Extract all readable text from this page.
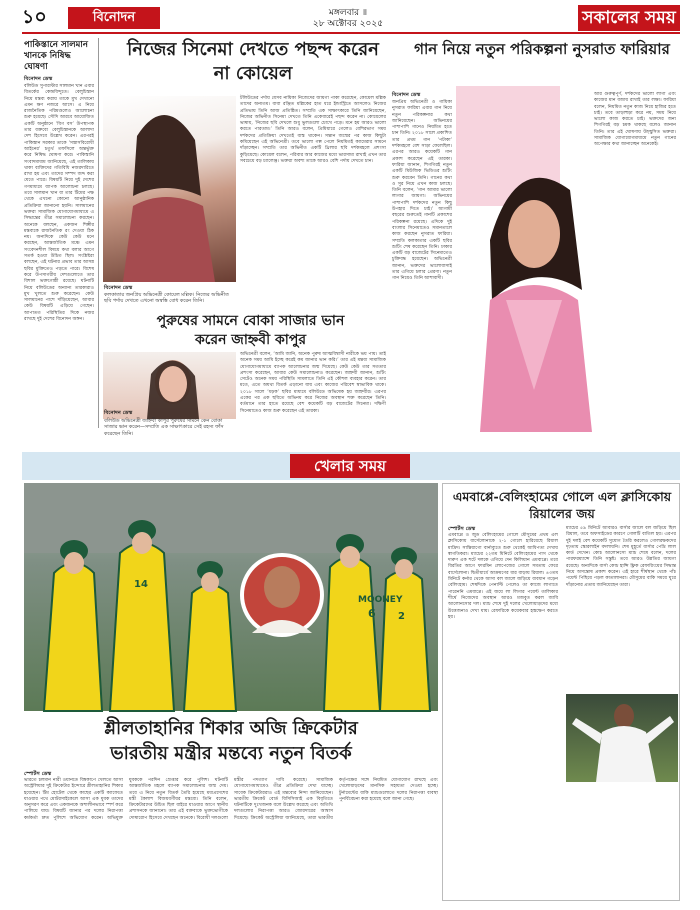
১০	বিনোদন	মঙ্গলবার ॥
২৮ অক্টোবর ২০২৫	সকালের সময়
পাকিস্তানে সালমান খানকে নিষিদ্ধ ঘোষণা
বিনোদন ডেস্ক
বলিউড সুপারস্টার সালমান খান এবার বিতর্কের কেন্দ্রবিন্দুতে। বেলুচিস্তান নিয়ে মন্তব্য করায় তাকে মুখ দেখানো এমন ক্ষণ নজরে আসে। এ নিয়ে রাজনৈতিক পরিমণ্ডলেও আলোচনা শুরু হয়েছে। সৌদি আরবে আয়োজিত একটি অনুষ্ঠানে ‘বিগ বস’ উপস্থাপক তার বক্তব্যে বেলুচিস্তানকে আলাদা দেশ হিসেবে উল্লেখ করেন। এরপরই পাকিস্তান সরকার তাকে ‘সন্ত্রাসবিরোধী আইনের’ চতুর্থ তফসিলে অন্তর্ভুক্ত করে নিষিদ্ধ ঘোষণা করে। পাকিস্তানি সংবাদমাধ্যম জানিয়েছে, এই তালিকায় থাকা ব্যক্তিদের গতিবিধি নজরদারিতে রাখা হয় এবং তাদের সম্পদ জব্দ করা যেতে পারে। বিষয়টি নিয়ে দুই দেশের গণমাধ্যমে ব্যাপক আলোচনা চলছে। তবে সালমান খান বা তার টিমের পক্ষ থেকে এখনো কোনো আনুষ্ঠানিক প্রতিক্রিয়া জানানো হয়নি। সালমানের ভক্তরা সামাজিক যোগাযোগমাধ্যমে এ সিদ্ধান্তের তীব্র সমালোচনা করছেন। অনেকে বলছেন, একজন শিল্পীর মন্তব্যকে রাজনৈতিক রং দেওয়া ঠিক নয়। অন্যদিকে কেউ কেউ মনে করছেন, আন্তর্জাতিক মঞ্চে এমন সংবেদনশীল বিষয়ে কথা বলার আগে সতর্ক হওয়া উচিত ছিল। সংশ্লিষ্টরা বলছেন, এই ঘটনার প্রভাব তার আসন্ন ছবির মুক্তিতেও পড়তে পারে। বিশেষ করে উপসাগরীয় দেশগুলোতে তার বিশাল ভক্তগোষ্ঠী রয়েছে। ঘটনাটি নিয়ে বলিউডের অন্যান্য তারকারাও মুখ খুলতে শুরু করেছেন। কেউ সালমানের পাশে দাঁড়িয়েছেন, আবার কেউ বিষয়টি এড়িয়ে গেছেন। আপাতত পরিস্থিতির দিকে নজর রাখছে দুই দেশের বিনোদন অঙ্গন।
নিজের সিনেমা দেখতে পছন্দ করেন না কোয়েল
বিনোদন ডেস্ক
কলকাতার জনপ্রিয় অভিনেত্রী কোয়েল মল্লিক। নিজের অভিনীত ছবি পর্দায় দেখতে এখনো অস্বস্তি বোধ করেন তিনি।
টলিউডের পর্দায় যেসব নায়িকা নিজেদের জায়গা পাকা করেছেন, কোয়েল মল্লিক তাদের অন্যতম। বাবা রঞ্জিত মল্লিকের হাত ধরে ইন্ডাস্ট্রিতে আসলেও নিজের প্রতিভায় তিনি আজ প্রতিষ্ঠিত। সম্প্রতি এক সাক্ষাৎকারে তিনি জানিয়েছেন, নিজের অভিনীত সিনেমা দেখতে তিনি একেবারেই পছন্দ করেন না। কোয়েলের ভাষায়, ‘নিজের ছবি দেখলে শুধু ভুলগুলো চোখে পড়ে। মনে হয় আরও ভালো করতে পারতাম।’ তিনি আরও বলেন, প্রিমিয়ারে গেলেও বেশিরভাগ সময় দর্শকদের প্রতিক্রিয়া দেখতেই ব্যস্ত থাকেন। সন্তান জন্মের পর কাজ কিছুটা কমিয়েছেন এই অভিনেত্রী। তবে ভালো গল্প পেলে নিয়মিতই ক্যামেরার সামনে দাঁড়াচ্ছেন। সম্প্রতি তার অভিনীত একটি থ্রিলার ছবি দর্শকমহলে প্রশংসা কুড়িয়েছে। কোয়েল বলেন, পরিবার আর কাজের মধ্যে ভারসাম্য রাখাই এখন তার সবচেয়ে বড় চ্যালেঞ্জ। ভক্তরা অবশ্য তাকে আরও বেশি পর্দায় দেখতে চান।
পুরুষের সামনে বোকা সাজার ভান করেন জাহ্নবী কাপুর
বিনোদন ডেস্ক
বলিউড অভিনেত্রী জাহ্নবী কাপুর পুরুষের সামনে কেন বোকা সাজার ভান করেন—সম্প্রতি এক সাক্ষাৎকারে সেই রহস্য ফাঁস করেছেন তিনি।
অভিনেত্রী বলেন, ‘আমি জানি, অনেক পুরুষ আত্মবিশ্বাসী নারীকে ভয় পায়। তাই অনেক সময় আমি ইচ্ছে করেই কম জানার ভান করি।’ তার এই মন্তব্য সামাজিক যোগাযোগমাধ্যমে ব্যাপক আলোচনার জন্ম দিয়েছে। কেউ কেউ তার সততার প্রশংসা করেছেন, আবার কেউ সমালোচনাও করেছেন। জাহ্নবী জানান, শুটিং সেটেও অনেক সময় পরিস্থিতি সামলাতে তিনি এই কৌশল ব্যবহার করেন। তার মতে, এতে অযথা বিতর্ক এড়ানো যায় এবং কাজের পরিবেশ স্বাভাবিক থাকে। ২০১৮ সালে ‘ধড়ক’ ছবির মাধ্যমে বলিউডে অভিষেক হয় জাহ্নবীর। এরপর একের পর এক ছবিতে অভিনয় করে নিজের অবস্থান শক্ত করেছেন তিনি। বর্তমানে তার হাতে রয়েছে বেশ কয়েকটি বড় বাজেটের সিনেমা। দক্ষিণী সিনেমাতেও কাজ শুরু করেছেন এই তারকা।
গান নিয়ে নতুন পরিকল্পনা নুসরাত ফারিয়ার
বিনোদন ডেস্ক
জনপ্রিয় অভিনেত্রী ও গায়িকা নুসরাত ফারিয়া এবার গান নিয়ে নতুন পরিকল্পনার কথা জানিয়েছেন। অভিনয়ের পাশাপাশি গানেও নিয়মিত হতে চান তিনি। ২০১৮ সালে প্রকাশিত তার প্রথম গান ‘পটাকা’ দর্শকমহলে বেশ সাড়া ফেলেছিল। এরপর আরও কয়েকটি গান প্রকাশ করেছেন এই তারকা। ফারিয়া জানান, শিগগিরই নতুন একটি মিউজিক ভিডিওর শুটিং শুরু করবেন তিনি। গানের কথা ও সুর নিয়ে এখন কাজ চলছে। তিনি বলেন, ‘গান আমার ভালো লাগার জায়গা। অভিনয়ের পাশাপাশি দর্শকদের নতুন কিছু উপহার দিতে চাই।’ আগামী বছরের শুরুতেই গানটি প্রকাশের পরিকল্পনা রয়েছে। এদিকে দুই বাংলার সিনেমাতেও সমানতালে কাজ করছেন নুসরাত ফারিয়া। সম্প্রতি কলকাতার একটি ছবির শুটিং শেষ করেছেন তিনি। ঢাকার একটি বড় বাজেটের সিনেমাতেও চুক্তিবদ্ধ হয়েছেন। অভিনেত্রী জানান, ভক্তদের ভালোবাসাই তার এগিয়ে চলার প্রেরণা। নতুন গান নিয়েও তিনি আশাবাদী।
আর গুরুত্বপূর্ণ, দর্শকদের ভালো লাগা এবং কাজের মান বজায় রাখাই তার লক্ষ্য। ফারিয়া বলেন, নিয়মিত নতুন কাজ নিয়ে হাজির হতে চাই। তবে তাড়াহুড়া করে নয়, সময় নিয়ে ভালো কাজ করতে চাই। ভক্তদের জন্য শিগগিরই বড় চমক থাকছে বলেও জানান তিনি। তার এই ঘোষণায় উচ্ছ্বসিত ভক্তরা। সামাজিক যোগাযোগমাধ্যমে নতুন গানের অপেক্ষার কথা জানাচ্ছেন অনেকেই।
খেলার সময়
MOONEY
6
14
2
শ্লীলতাহানির শিকার অজি ক্রিকেটার
ভারতীয় মন্ত্রীর মন্তব্যে নতুন বিতর্ক
স্পোর্টস ডেস্ক
ভারতে চলমান নারী ওয়ানডে বিশ্বকাপে খেলতে আসা অস্ট্রেলিয়ার দুই ক্রিকেটার ইন্দোরে শ্লীলতাহানির শিকার হয়েছেন। টিম হোটেল থেকে কাছের একটি ক্যাফেতে যাওয়ার পথে মোটরসাইকেলে আসা এক যুবক তাদের অনুসরণ করে এবং একজনকে অশালীনভাবে স্পর্শ করে পালিয়ে যায়। বিষয়টি জানার পর দলের নিরাপত্তা কর্মকর্তা দ্রুত পুলিশে অভিযোগ করেন। অভিযুক্ত যুবককে পরদিন গ্রেপ্তার করে পুলিশ। ঘটনাটি আন্তর্জাতিক মহলে ব্যাপক সমালোচনার জন্ম দেয়। তবে এ নিয়ে নতুন বিতর্ক তৈরি হয়েছে মধ্যপ্রদেশের মন্ত্রী কৈলাশ বিজয়বর্গীয়র মন্তব্যে। তিনি বলেন, ক্রিকেটারদের উচিত ছিল বাইরে যাওয়ার আগে স্থানীয় প্রশাসনকে জানানো। তার এই বক্তব্যকে ভুক্তভোগীকে দোষারোপ হিসেবে দেখছেন অনেকে। বিরোধী দলগুলো মন্ত্রীর পদত্যাগ দাবি করেছে। সামাজিক যোগাযোগমাধ্যমেও তীব্র প্রতিক্রিয়া দেখা যাচ্ছে। সাবেক ক্রিকেটাররাও এই মন্তব্যের নিন্দা জানিয়েছেন। ভারতীয় ক্রিকেট বোর্ড বিসিসিআই এক বিবৃতিতে ঘটনাটিকে দুঃখজনক বলে উল্লেখ করেছে এবং অতিথি দলগুলোর নিরাপত্তা আরও জোরদারের আশ্বাস দিয়েছে। ক্রিকেট অস্ট্রেলিয়া জানিয়েছে, তারা ভারতীয় কর্তৃপক্ষের সঙ্গে নিয়মিত যোগাযোগ রাখছে এবং খেলোয়াড়দের মানসিক সহায়তা দেওয়া হচ্ছে। টুর্নামেন্টের বাকি ম্যাচগুলোতে দলের নিরাপত্তা ব্যবস্থা পুনর্বিবেচনা করা হয়েছে বলে জানা গেছে।
এমবাপ্পে-বেলিংহামের গোলে এল ক্লাসিকোয় রিয়ালের জয়
স্পোর্টস ডেস্ক
এমবাপ্পে ও জুড বেলিংহামের গোলে মৌসুমের প্রথম এল ক্লাসিকোয় বার্সেলোনাকে ২-১ গোলে হারিয়েছে রিয়াল মাদ্রিদ। সান্তিয়াগো বার্নাব্যুতে শুরু থেকেই আধিপত্য দেখায় স্বাগতিকরা। ম্যাচের ২২তম মিনিটে বেলিংহামের পাস থেকে দারুণ এক শটে দলকে এগিয়ে দেন কিলিয়ান এমবাপ্পে। তবে বিরতির আগে ফারমিন লোপেজের গোলে সমতায় ফেরে বার্সেলোনা। দ্বিতীয়ার্ধে আক্রমণের ধার বাড়ায় রিয়াল। ৪৩তম মিনিটে কর্নার থেকে আসা বল জালে জড়িয়ে ব্যবধান গড়েন বেলিংহাম। শেষদিকে পেনাল্টি পেলেও তা কাজে লাগাতে পারেননি এমবাপ্পে। এই জয়ে লা লিগার পয়েন্ট তালিকার শীর্ষে নিজেদের অবস্থান আরও মজবুত করল জাবি আলোনসোর দল। ম্যাচ শেষে দুই দলের খেলোয়াড়দের মধ্যে উত্তেজনাও দেখা যায়। রেফারিকে কয়েকবার হস্তক্ষেপ করতে হয়।
ম্যাচের ৫৯ মিনিটে আবারও বার্সার জালে বল জড়িয়ে ছিল রিয়াল, তবে অফসাইডের কারণে গোলটি বাতিল হয়। এরপর দুই দলই বেশ কয়েকটি সুযোগ তৈরি করলেও গোলরক্ষকদের দৃঢ়তায় স্কোরলাইন বদলায়নি। শেষ মুহূর্তে বার্সার পেদ্রি লাল কার্ড দেখেন। কোচ আলোনসো ম্যাচ শেষে বলেন, দলের পারফরম্যান্সে তিনি সন্তুষ্ট। তবে আরও উন্নতির জায়গা রয়েছে। অন্যদিকে বার্সা কোচ হান্সি ফ্লিক রেফারিংয়ের সিদ্ধান্ত নিয়ে অসন্তোষ প্রকাশ করেন। এই হারে শীর্ষস্থান থেকে পাঁচ পয়েন্ট পিছিয়ে পড়ল কাতালানরা। মৌসুমের বাকি সময়ে ঘুরে দাঁড়ানোর প্রত্যয় জানিয়েছেন তারা।
